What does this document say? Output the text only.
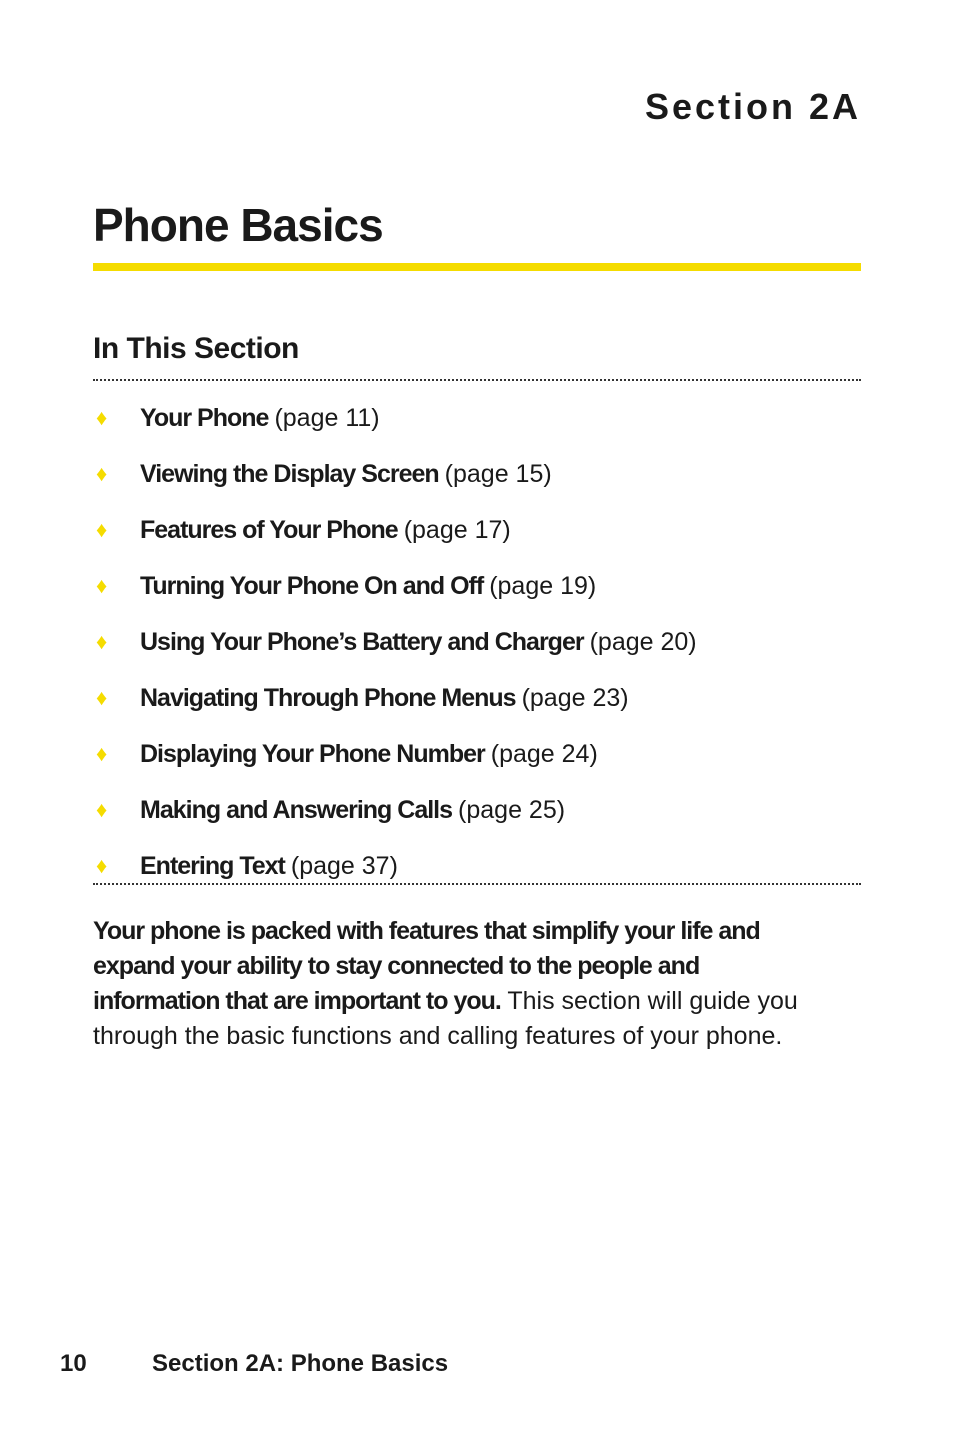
Section 2A
Phone Basics
In This Section
♦	Your Phone (page 11)
♦	Viewing the Display Screen (page 15)
♦	Features of Your Phone (page 17)
♦	Turning Your Phone On and Off (page 19)
♦	Using Your Phone’s Battery and Charger (page 20)
♦	Navigating Through Phone Menus (page 23)
♦	Displaying Your Phone Number (page 24)
♦	Making and Answering Calls (page 25)
♦	Entering Text (page 37)

Your phone is packed with features that simplify your life and expand your ability to stay connected to the people and information that are important to you. This section will guide you through the basic functions and calling features of your phone.

10	Section 2A: Phone Basics
